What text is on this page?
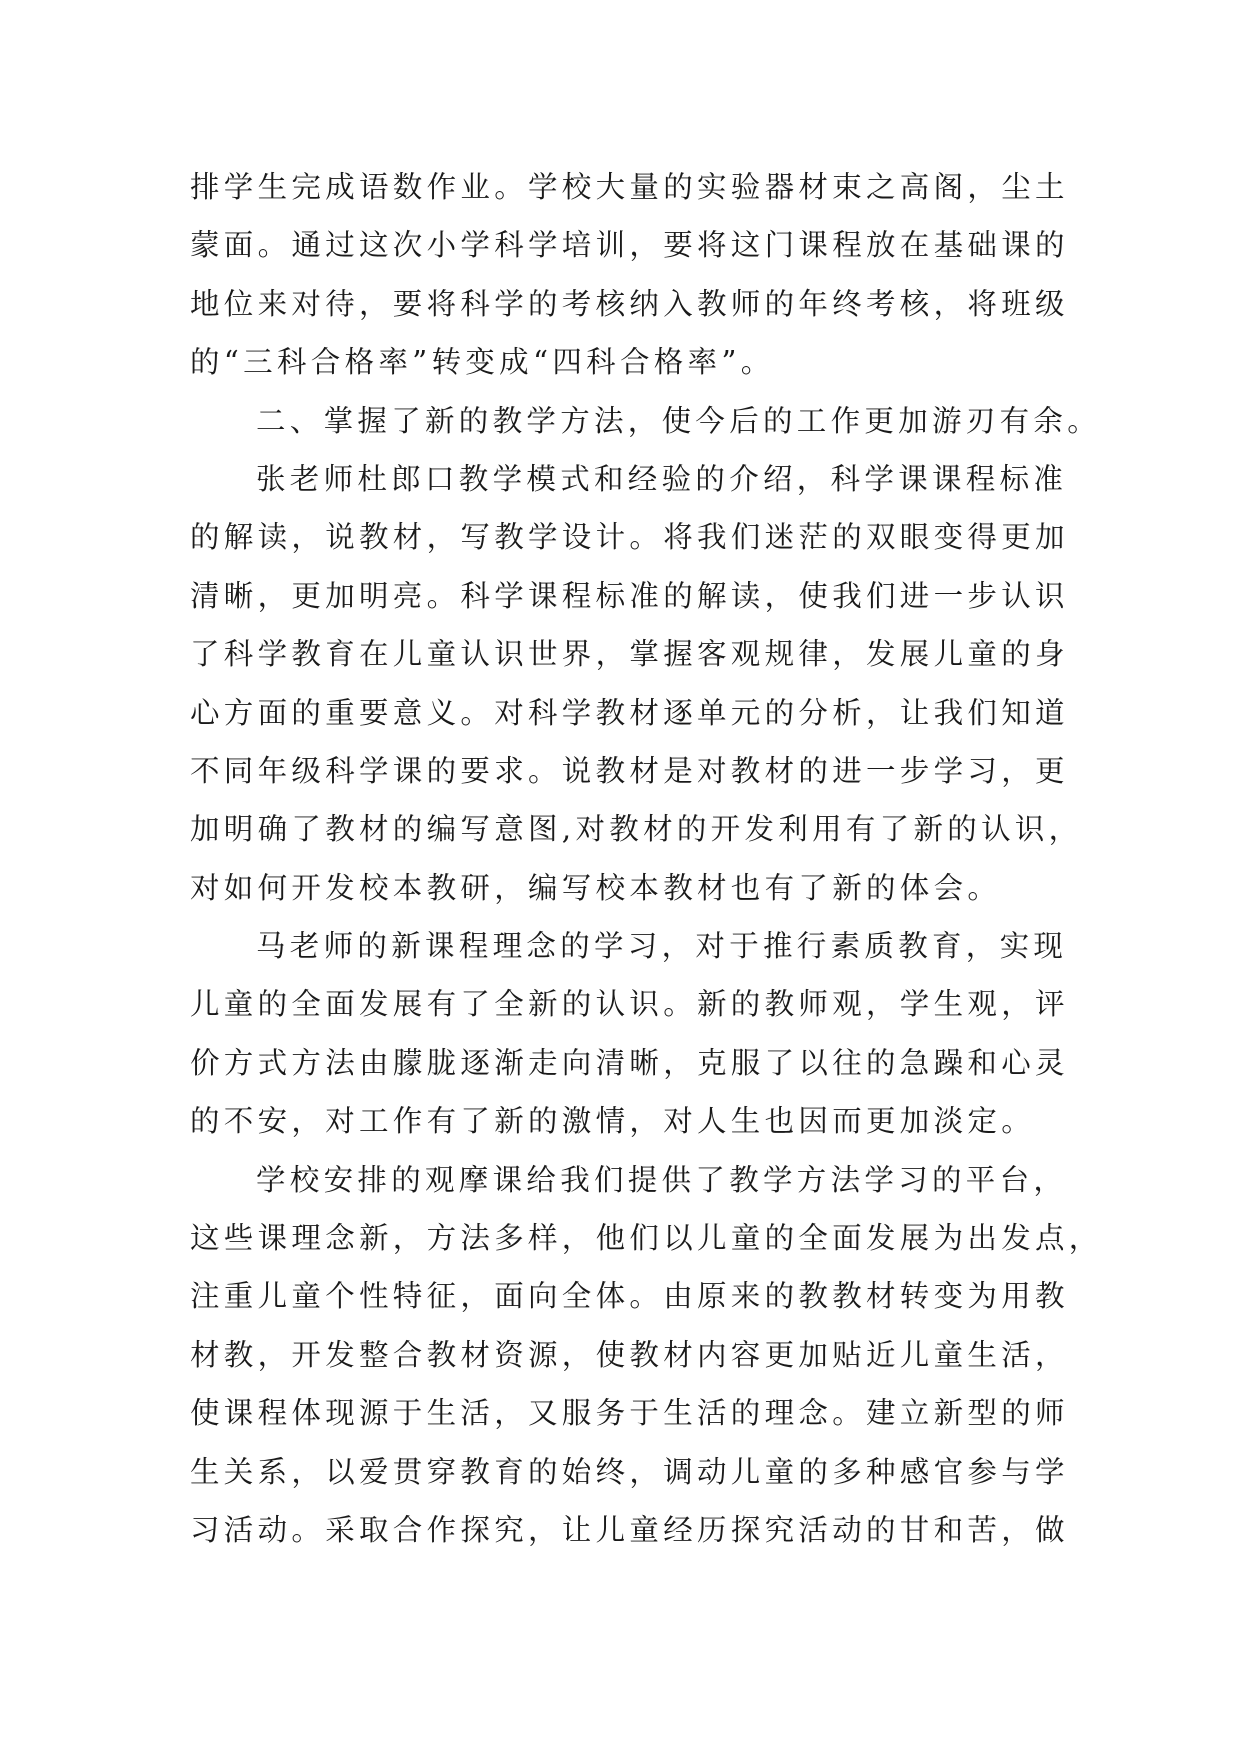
排学生完成语数作业。学校大量的实验器材束之高阁，尘土
蒙面。通过这次小学科学培训，要将这门课程放在基础课的
地位来对待，要将科学的考核纳入教师的年终考核，将班级
的“三科合格率”转变成“四科合格率”。
二、掌握了新的教学方法，使今后的工作更加游刃有余。
张老师杜郎口教学模式和经验的介绍，科学课课程标准
的解读，说教材，写教学设计。将我们迷茫的双眼变得更加
清晰，更加明亮。科学课程标准的解读，使我们进一步认识
了科学教育在儿童认识世界，掌握客观规律，发展儿童的身
心方面的重要意义。对科学教材逐单元的分析，让我们知道
不同年级科学课的要求。说教材是对教材的进一步学习，更
加明确了教材的编写意图,对教材的开发利用有了新的认识，
对如何开发校本教研，编写校本教材也有了新的体会。
马老师的新课程理念的学习，对于推行素质教育，实现
儿童的全面发展有了全新的认识。新的教师观，学生观，评
价方式方法由朦胧逐渐走向清晰，克服了以往的急躁和心灵
的不安，对工作有了新的激情，对人生也因而更加淡定。
学校安排的观摩课给我们提供了教学方法学习的平台，
这些课理念新，方法多样，他们以儿童的全面发展为出发点，
注重儿童个性特征，面向全体。由原来的教教材转变为用教
材教，开发整合教材资源，使教材内容更加贴近儿童生活，
使课程体现源于生活，又服务于生活的理念。建立新型的师
生关系，以爱贯穿教育的始终，调动儿童的多种感官参与学
习活动。采取合作探究，让儿童经历探究活动的甘和苦，做
